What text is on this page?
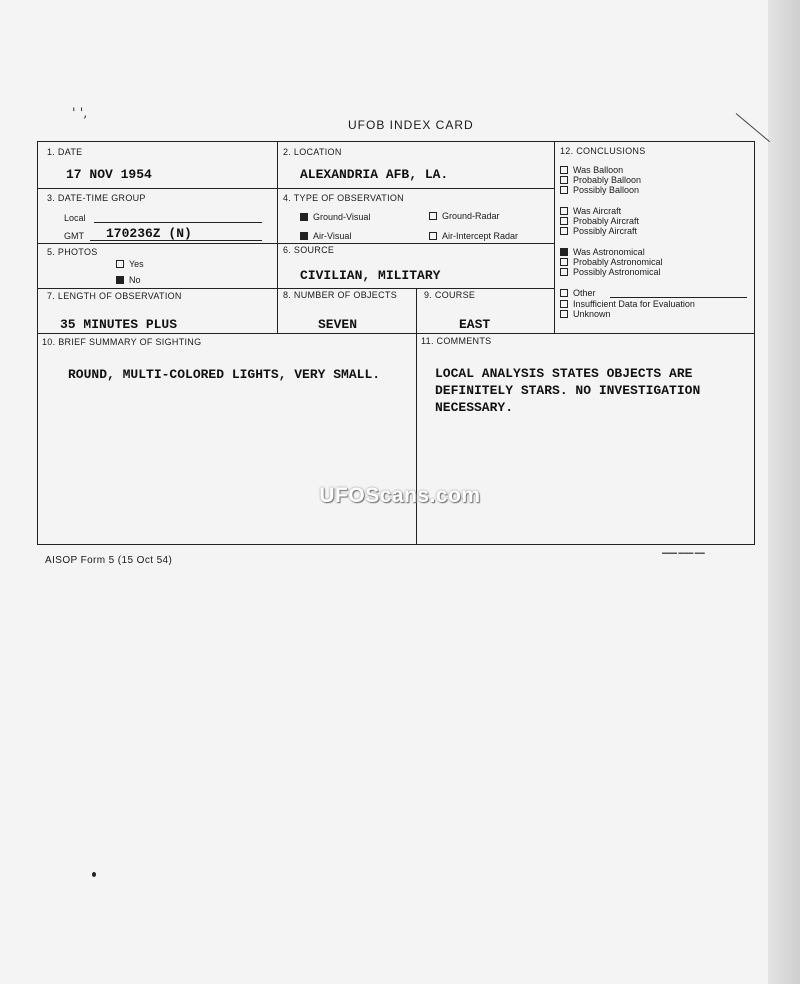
' ',
UFOB INDEX CARD
1. DATE
17 NOV 1954
2. LOCATION
ALEXANDRIA AFB, LA.
3. DATE-TIME GROUP
Local
GMT 170236Z (N)
4. TYPE OF OBSERVATION
Ground-Visual	Ground-Radar
Air-Visual	Air-Intercept Radar
5. PHOTOS
Yes
No
6. SOURCE
CIVILIAN, MILITARY
7. LENGTH OF OBSERVATION
35 MINUTES PLUS
8. NUMBER OF OBJECTS
SEVEN
9. COURSE
EAST
10. BRIEF SUMMARY OF SIGHTING
ROUND, MULTI-COLORED LIGHTS, VERY SMALL.
11. COMMENTS
LOCAL ANALYSIS STATES OBJECTS ARE
DEFINITELY STARS. NO INVESTIGATION
NECESSARY.
12. CONCLUSIONS
Was Balloon
Probably Balloon
Possibly Balloon
Was Aircraft
Probably Aircraft
Possibly Aircraft
Was Astronomical
Probably Astronomical
Possibly Astronomical
Other
Insufficient Data for Evaluation
Unknown
UFOScans.com
AISOP Form 5 (15 Oct 54)
▬▬▬ ▬▬▬ ▬▬
